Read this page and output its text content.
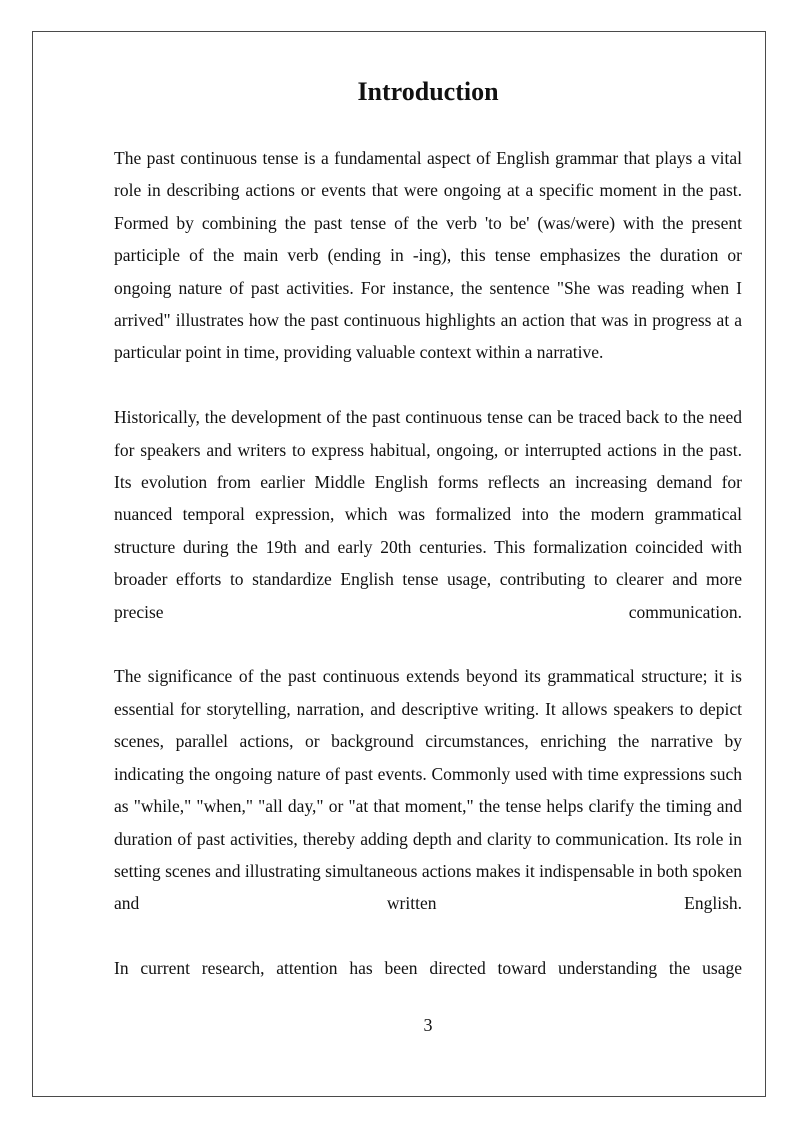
Introduction

The past continuous tense is a fundamental aspect of English grammar that plays a vital role in describing actions or events that were ongoing at a specific moment in the past. Formed by combining the past tense of the verb 'to be' (was/were) with the present participle of the main verb (ending in -ing), this tense emphasizes the duration or ongoing nature of past activities. For instance, the sentence "She was reading when I arrived" illustrates how the past continuous highlights an action that was in progress at a particular point in time, providing valuable context within a narrative.

Historically, the development of the past continuous tense can be traced back to the need for speakers and writers to express habitual, ongoing, or interrupted actions in the past. Its evolution from earlier Middle English forms reflects an increasing demand for nuanced temporal expression, which was formalized into the modern grammatical structure during the 19th and early 20th centuries. This formalization coincided with broader efforts to standardize English tense usage, contributing to clearer and more precise communication.

The significance of the past continuous extends beyond its grammatical structure; it is essential for storytelling, narration, and descriptive writing. It allows speakers to depict scenes, parallel actions, or background circumstances, enriching the narrative by indicating the ongoing nature of past events. Commonly used with time expressions such as "while," "when," "all day," or "at that moment," the tense helps clarify the timing and duration of past activities, thereby adding depth and clarity to communication. Its role in setting scenes and illustrating simultaneous actions makes it indispensable in both spoken and written English.

In current research, attention has been directed toward understanding the usage

3
